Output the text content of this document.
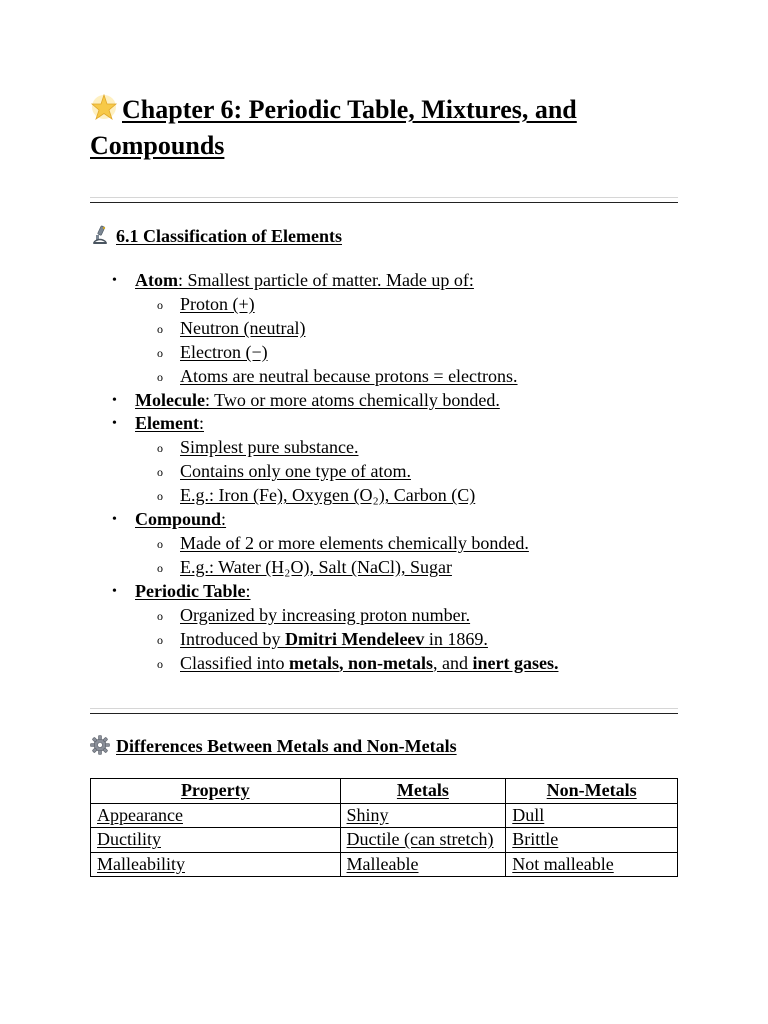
Chapter 6: Periodic Table, Mixtures, and Compounds
6.1 Classification of Elements
• Atom: Smallest particle of matter. Made up of:
o Proton (+)
o Neutron (neutral)
o Electron (−)
o Atoms are neutral because protons = electrons.
• Molecule: Two or more atoms chemically bonded.
• Element:
o Simplest pure substance.
o Contains only one type of atom.
o E.g.: Iron (Fe), Oxygen (O₂), Carbon (C)
• Compound:
o Made of 2 or more elements chemically bonded.
o E.g.: Water (H₂O), Salt (NaCl), Sugar
• Periodic Table:
o Organized by increasing proton number.
o Introduced by Dmitri Mendeleev in 1869.
o Classified into metals, non-metals, and inert gases.
Differences Between Metals and Non-Metals
Property	Metals	Non-Metals
Appearance	Shiny	Dull
Ductility	Ductile (can stretch)	Brittle
Malleability	Malleable	Not malleable
